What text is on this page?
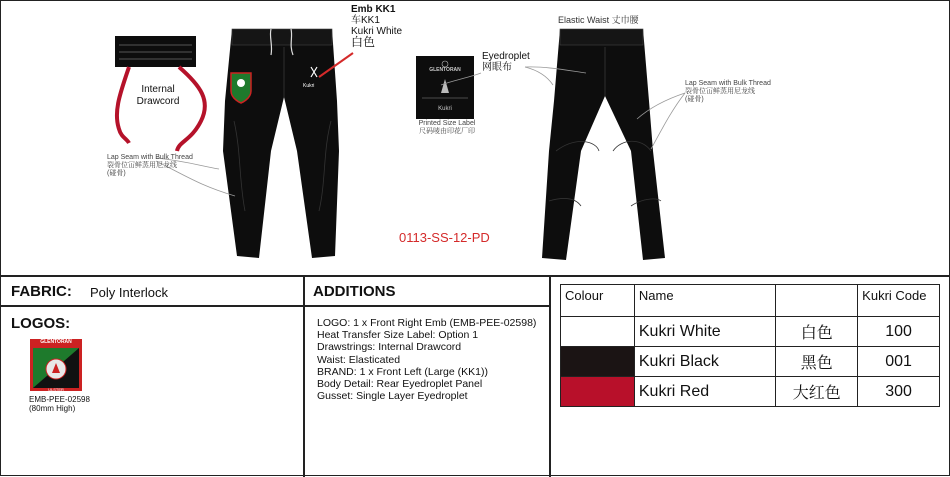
Kukri
Emb KK1
车KK1
Kukri White
白色
Internal Drawcord
Lap Seam with Bulk Thread
裂骨位冚鲜蒸用尼龙线
(碰骨)
GLENTORAN
Kukri
Printed Size Label
尺码唛由印花厂印
Eyedroplet
网眼布
Elastic Waist 丈巾腰
Lap Seam with Bulk Thread
裂骨位冚鲜蒸用尼龙线
(碰骨)
0113-SS-12-PD
FABRIC: Poly Interlock
LOGOS:
GLENTORAN
ULSTER
EMB-PEE-02598
(80mm High)
ADDITIONS
LOGO: 1 x Front Right Emb (EMB-PEE-02598)
Heat Transfer Size Label: Option 1
Drawstrings: Internal Drawcord
Waist: Elasticated
BRAND: 1 x Front Left (Large (KK1))
Body Detail: Rear Eyedroplet Panel
Gusset: Single Layer Eyedroplet
Colour	Name		Kukri Code
	Kukri White	白色	100
	Kukri Black	黑色	001
	Kukri Red	大红色	300
